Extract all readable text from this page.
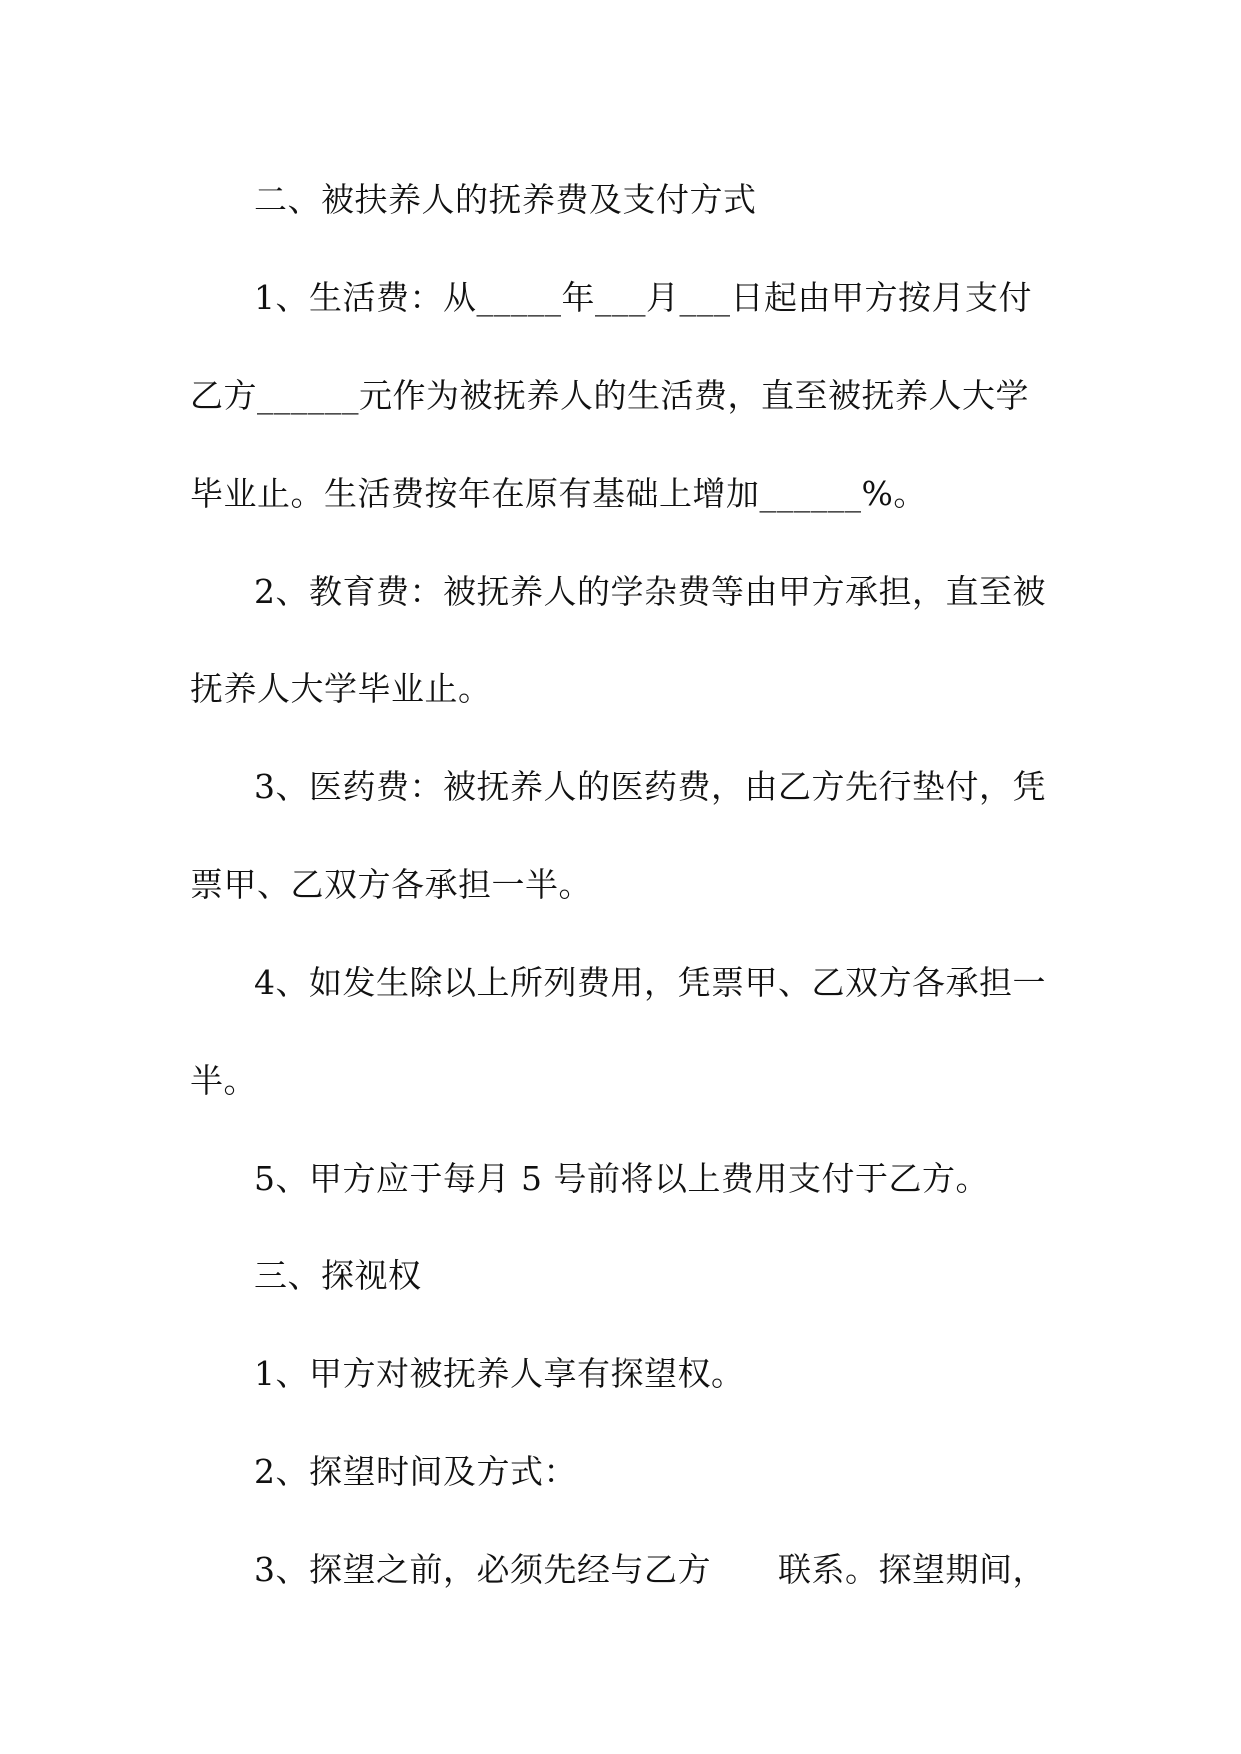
二、被扶养人的抚养费及支付方式
1、生活费：从_____年___月___日起由甲方按月支付
乙方______元作为被抚养人的生活费，直至被抚养人大学
毕业止。生活费按年在原有基础上增加______%。
2、教育费：被抚养人的学杂费等由甲方承担，直至被
抚养人大学毕业止。
3、医药费：被抚养人的医药费，由乙方先行垫付，凭
票甲、乙双方各承担一半。
4、如发生除以上所列费用，凭票甲、乙双方各承担一
半。
5、甲方应于每月 5 号前将以上费用支付于乙方。
三、探视权
1、甲方对被抚养人享有探望权。
2、探望时间及方式：
3、探望之前，必须先经与乙方　　联系。探望期间，
